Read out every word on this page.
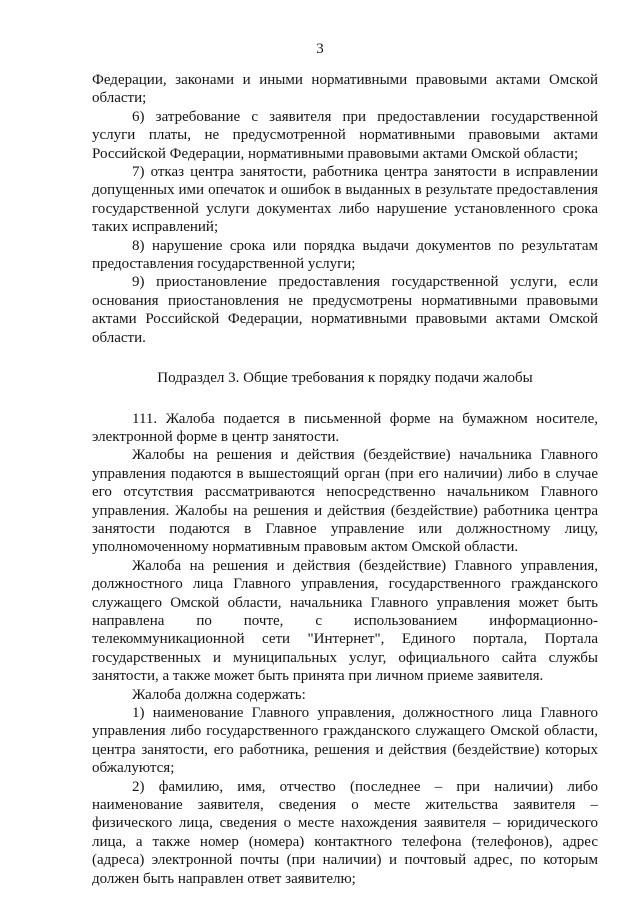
3

Федерации, законами и иными нормативными правовыми актами Омской области;

6) затребование с заявителя при предоставлении государственной услуги платы, не предусмотренной нормативными правовыми актами Российской Федерации, нормативными правовыми актами Омской области;

7) отказ центра занятости, работника центра занятости в исправлении допущенных ими опечаток и ошибок в выданных в результате предоставления государственной услуги документах либо нарушение установленного срока таких исправлений;

8) нарушение срока или порядка выдачи документов по результатам предоставления государственной услуги;

9) приостановление предоставления государственной услуги, если основания приостановления не предусмотрены нормативными правовыми актами Российской Федерации, нормативными правовыми актами Омской области.

Подраздел 3. Общие требования к порядку подачи жалобы

111. Жалоба подается в письменной форме на бумажном носителе, электронной форме в центр занятости.

Жалобы на решения и действия (бездействие) начальника Главного управления подаются в вышестоящий орган (при его наличии) либо в случае его отсутствия рассматриваются непосредственно начальником Главного управления. Жалобы на решения и действия (бездействие) работника центра занятости подаются в Главное управление или должностному лицу, уполномоченному нормативным правовым актом Омской области.

Жалоба на решения и действия (бездействие) Главного управления, должностного лица Главного управления, государственного гражданского служащего Омской области, начальника Главного управления может быть направлена по почте, с использованием информационно-телекоммуникационной сети "Интернет", Единого портала, Портала государственных и муниципальных услуг, официального сайта службы занятости, а также может быть принята при личном приеме заявителя.

Жалоба должна содержать:

1) наименование Главного управления, должностного лица Главного управления либо государственного гражданского служащего Омской области, центра занятости, его работника, решения и действия (бездействие) которых обжалуются;

2) фамилию, имя, отчество (последнее – при наличии) либо наименование заявителя, сведения о месте жительства заявителя – физического лица, сведения о месте нахождения заявителя – юридического лица, а также номер (номера) контактного телефона (телефонов), адрес (адреса) электронной почты (при наличии) и почтовый адрес, по которым должен быть направлен ответ заявителю;
